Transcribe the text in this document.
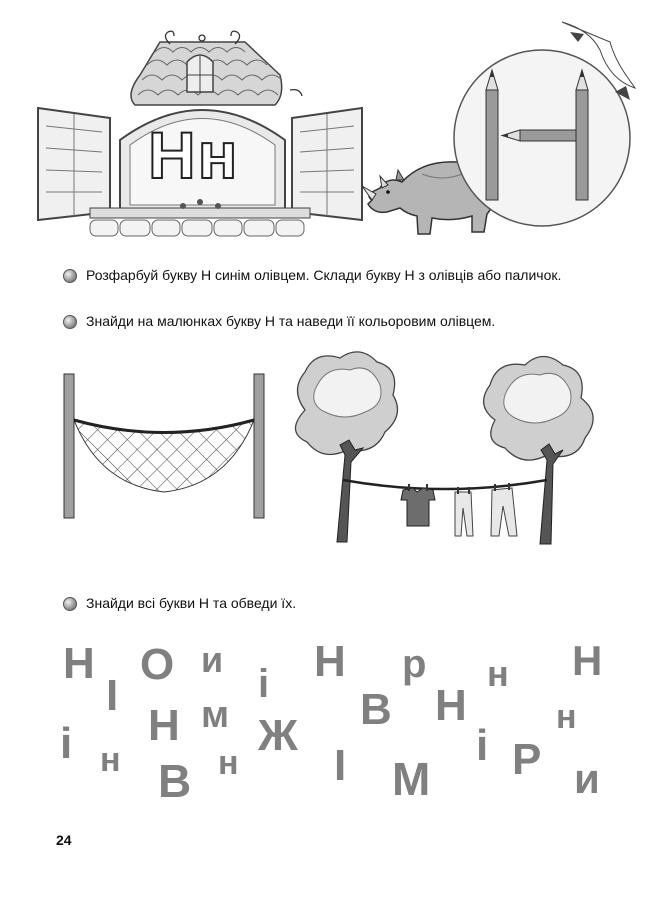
Нн
Розфарбуй букву Н синім олівцем. Склади букву Н з олівців або паличок.
Знайди на малюнках букву Н та наведи її кольоровим олівцем.
Знайди всі букви Н та обведи їх.
Н О и Н р	Н
І	і	н
Н м	В Н	н
і	Ж
н	н І	і Р
В	М	и
24
